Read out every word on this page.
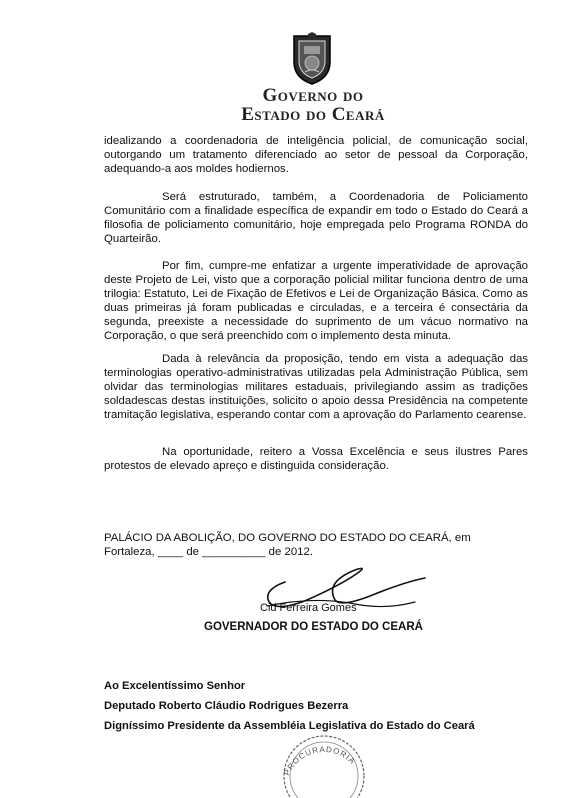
Governo do
Estado do Ceará

idealizando a coordenadoria de inteligência policial, de comunicação social, outorgando um tratamento diferenciado ao setor de pessoal da Corporação, adequando-a aos moldes hodiernos.

Será estruturado, também, a Coordenadoria de Policiamento Comunitário com a finalidade específica de expandir em todo o Estado do Ceará a filosofia de policiamento comunitário, hoje empregada pelo Programa RONDA do Quarteirão.

Por fim, cumpre-me enfatizar a urgente imperatividade de aprovação deste Projeto de Lei, visto que a corporação policial militar funciona dentro de uma trilogia: Estatuto, Lei de Fixação de Efetivos e Lei de Organização Básica. Como as duas primeiras já foram publicadas e circuladas, e a terceira é consectária da segunda, preexiste a necessidade do suprimento de um vácuo normativo na Corporação, o que será preenchido com o implemento desta minuta.

Dada à relevância da proposição, tendo em vista a adequação das terminologias operativo-administrativas utilizadas pela Administração Pública, sem olvidar das terminologias militares estaduais, privilegiando assim as tradições soldadescas destas instituições, solicito o apoio dessa Presidência na competente tramitação legislativa, esperando contar com a aprovação do Parlamento cearense.

Na oportunidade, reitero a Vossa Excelência e seus ilustres Pares protestos de elevado apreço e distinguida consideração.

PALÁCIO DA ABOLIÇÃO, DO GOVERNO DO ESTADO DO CEARÁ, em

Fortaleza, ____ de __________ de 2012.

Cid Ferreira Gomes
GOVERNADOR DO ESTADO DO CEARÁ
Ao Excelentíssimo Senhor
Deputado Roberto Cláudio Rodrigues Bezerra
Digníssimo Presidente da Assembléia Legislativa do Estado do Ceará
PROCURADORIA
